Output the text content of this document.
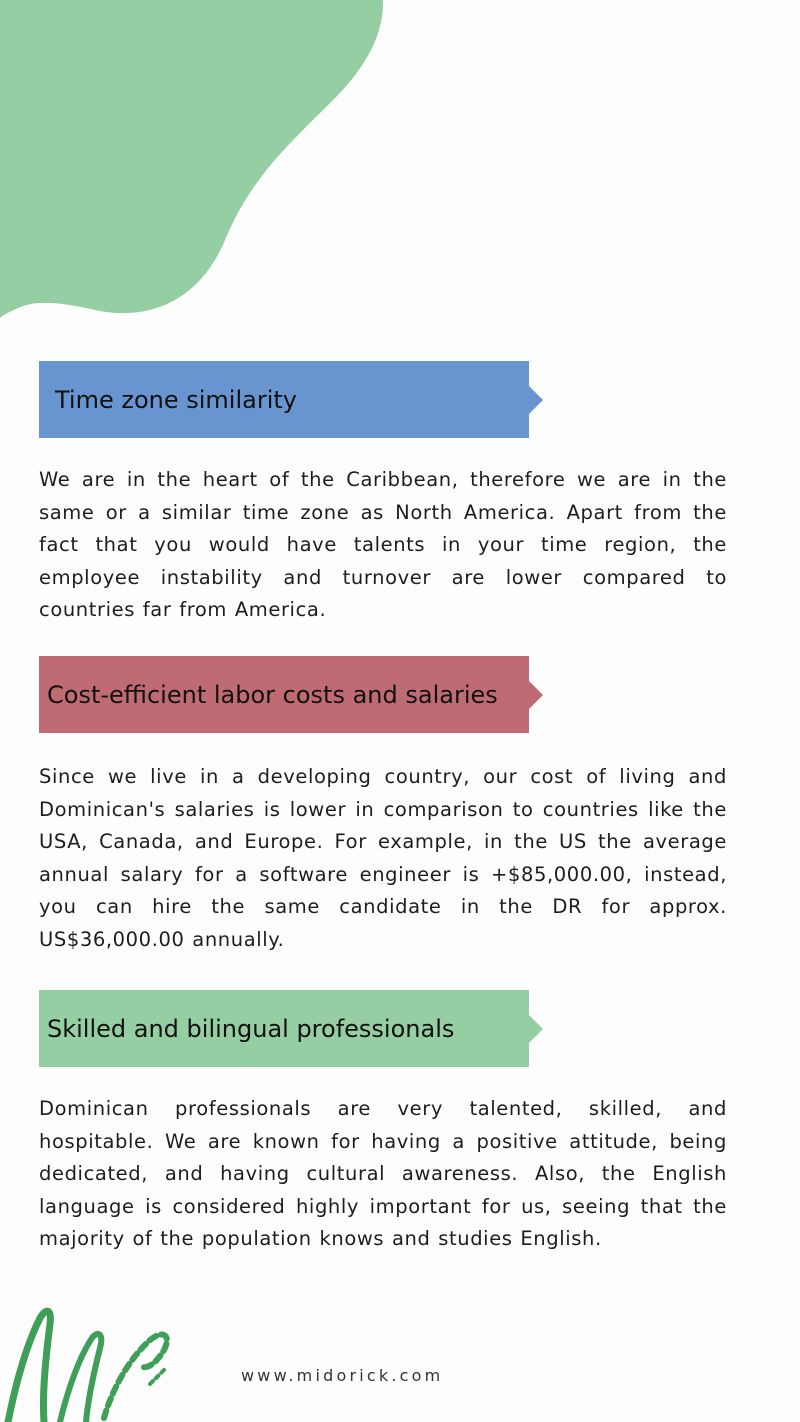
Time zone similarity

We are in the heart of the Caribbean, therefore we are in the same or a similar time zone as North America. Apart from the fact that you would have talents in your time region, the employee instability and turnover are lower compared to countries far from America.

Cost-efficient labor costs and salaries

Since we live in a developing country, our cost of living and Dominican's salaries is lower in comparison to countries like the USA, Canada, and Europe. For example, in the US the average annual salary for a software engineer is +$85,000.00, instead, you can hire the same candidate in the DR for approx. US$36,000.00 annually.

Skilled and bilingual professionals

Dominican professionals are very talented, skilled, and hospitable. We are known for having a positive attitude, being dedicated, and having cultural awareness. Also, the English language is considered highly important for us, seeing that the majority of the population knows and studies English.

www.midorick.com
